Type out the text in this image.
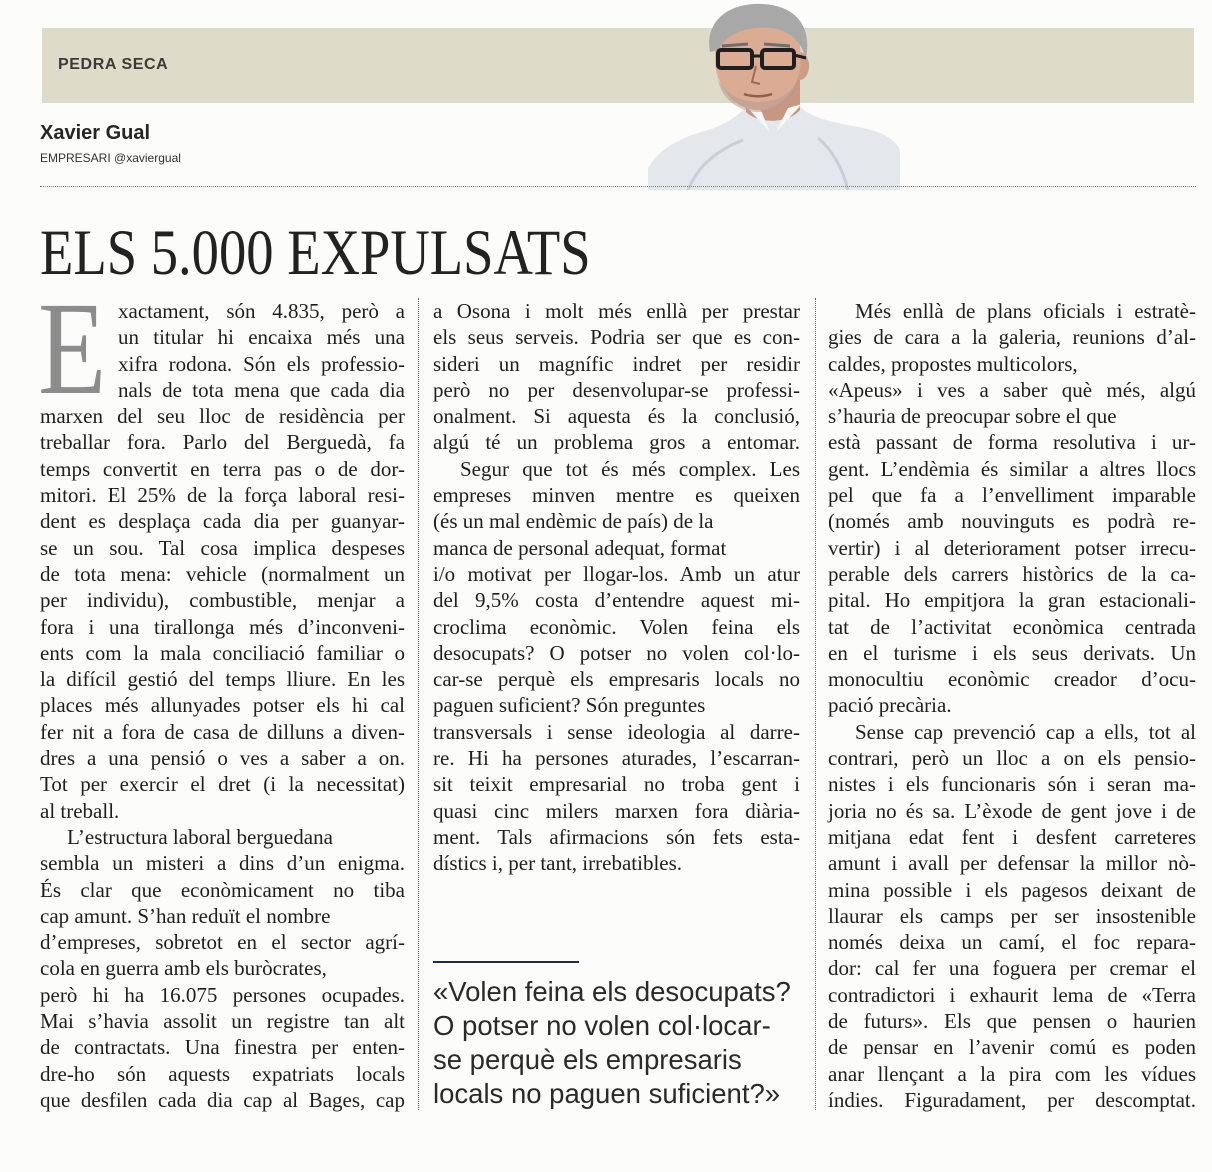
PEDRA SECA
Xavier Gual
EMPRESARI @xaviergual
ELS 5.000 EXPULSATS
E xactament, són 4.835, però a
un titular hi encaixa més una
xifra rodona. Són els professio-
nals de tota mena que cada dia
marxen del seu lloc de residència per
treballar fora. Parlo del Berguedà, fa
temps convertit en terra pas o de dor-
mitori. El 25% de la força laboral resi-
dent es desplaça cada dia per guanyar-
se un sou. Tal cosa implica despeses
de tota mena: vehicle (normalment un
per individu), combustible, menjar a
fora i una tirallonga més d’inconveni-
ents com la mala conciliació familiar o
la difícil gestió del temps lliure. En les
places més allunyades potser els hi cal
fer nit a fora de casa de dilluns a diven-
dres a una pensió o ves a saber a on.
Tot per exercir el dret (i la necessitat)
al treball.
L’estructura laboral berguedana
sembla un misteri a dins d’un enigma.
És clar que econòmicament no tiba
cap amunt. S’han reduït el nombre
d’empreses, sobretot en el sector agrí-
cola en guerra amb els buròcrates,
però hi ha 16.075 persones ocupades.
Mai s’havia assolit un registre tan alt
de contractats. Una finestra per enten-
dre-ho són aquests expatriats locals
que desfilen cada dia cap al Bages, cap
a Osona i molt més enllà per prestar
els seus serveis. Podria ser que es con-
sideri un magnífic indret per residir
però no per desenvolupar-se professi-
onalment. Si aquesta és la conclusió,
algú té un problema gros a entomar.
Segur que tot és més complex. Les
empreses minven mentre es queixen
(és un mal endèmic de país) de la
manca de personal adequat, format
i/o motivat per llogar-los. Amb un atur
del 9,5% costa d’entendre aquest mi-
croclima econòmic. Volen feina els
desocupats? O potser no volen col·lo-
car-se perquè els empresaris locals no
paguen suficient? Són preguntes
transversals i sense ideologia al darre-
re. Hi ha persones aturades, l’escarran-
sit teixit empresarial no troba gent i
quasi cinc milers marxen fora diària-
ment. Tals afirmacions són fets esta-
dístics i, per tant, irrebatibles.
Més enllà de plans oficials i estratè-
gies de cara a la galeria, reunions d’al-
caldes, propostes multicolors,
«Apeus» i ves a saber què més, algú
s’hauria de preocupar sobre el que
està passant de forma resolutiva i ur-
gent. L’endèmia és similar a altres llocs
pel que fa a l’envelliment imparable
(només amb nouvinguts es podrà re-
vertir) i al deteriorament potser irrecu-
perable dels carrers històrics de la ca-
pital. Ho empitjora la gran estacionali-
tat de l’activitat econòmica centrada
en el turisme i els seus derivats. Un
monocultiu econòmic creador d’ocu-
pació precària.
Sense cap prevenció cap a ells, tot al
contrari, però un lloc a on els pensio-
nistes i els funcionaris són i seran ma-
joria no és sa. L’èxode de gent jove i de
mitjana edat fent i desfent carreteres
amunt i avall per defensar la millor nò-
mina possible i els pagesos deixant de
llaurar els camps per ser insostenible
només deixa un camí, el foc repara-
dor: cal fer una foguera per cremar el
contradictori i exhaurit lema de «Terra
de futurs». Els que pensen o haurien
de pensar en l’avenir comú es poden
anar llençant a la pira com les vídues
índies. Figuradament, per descomptat.
«Volen feina els desocupats?
O potser no volen col·locar-
se perquè els empresaris
locals no paguen suficient?»
